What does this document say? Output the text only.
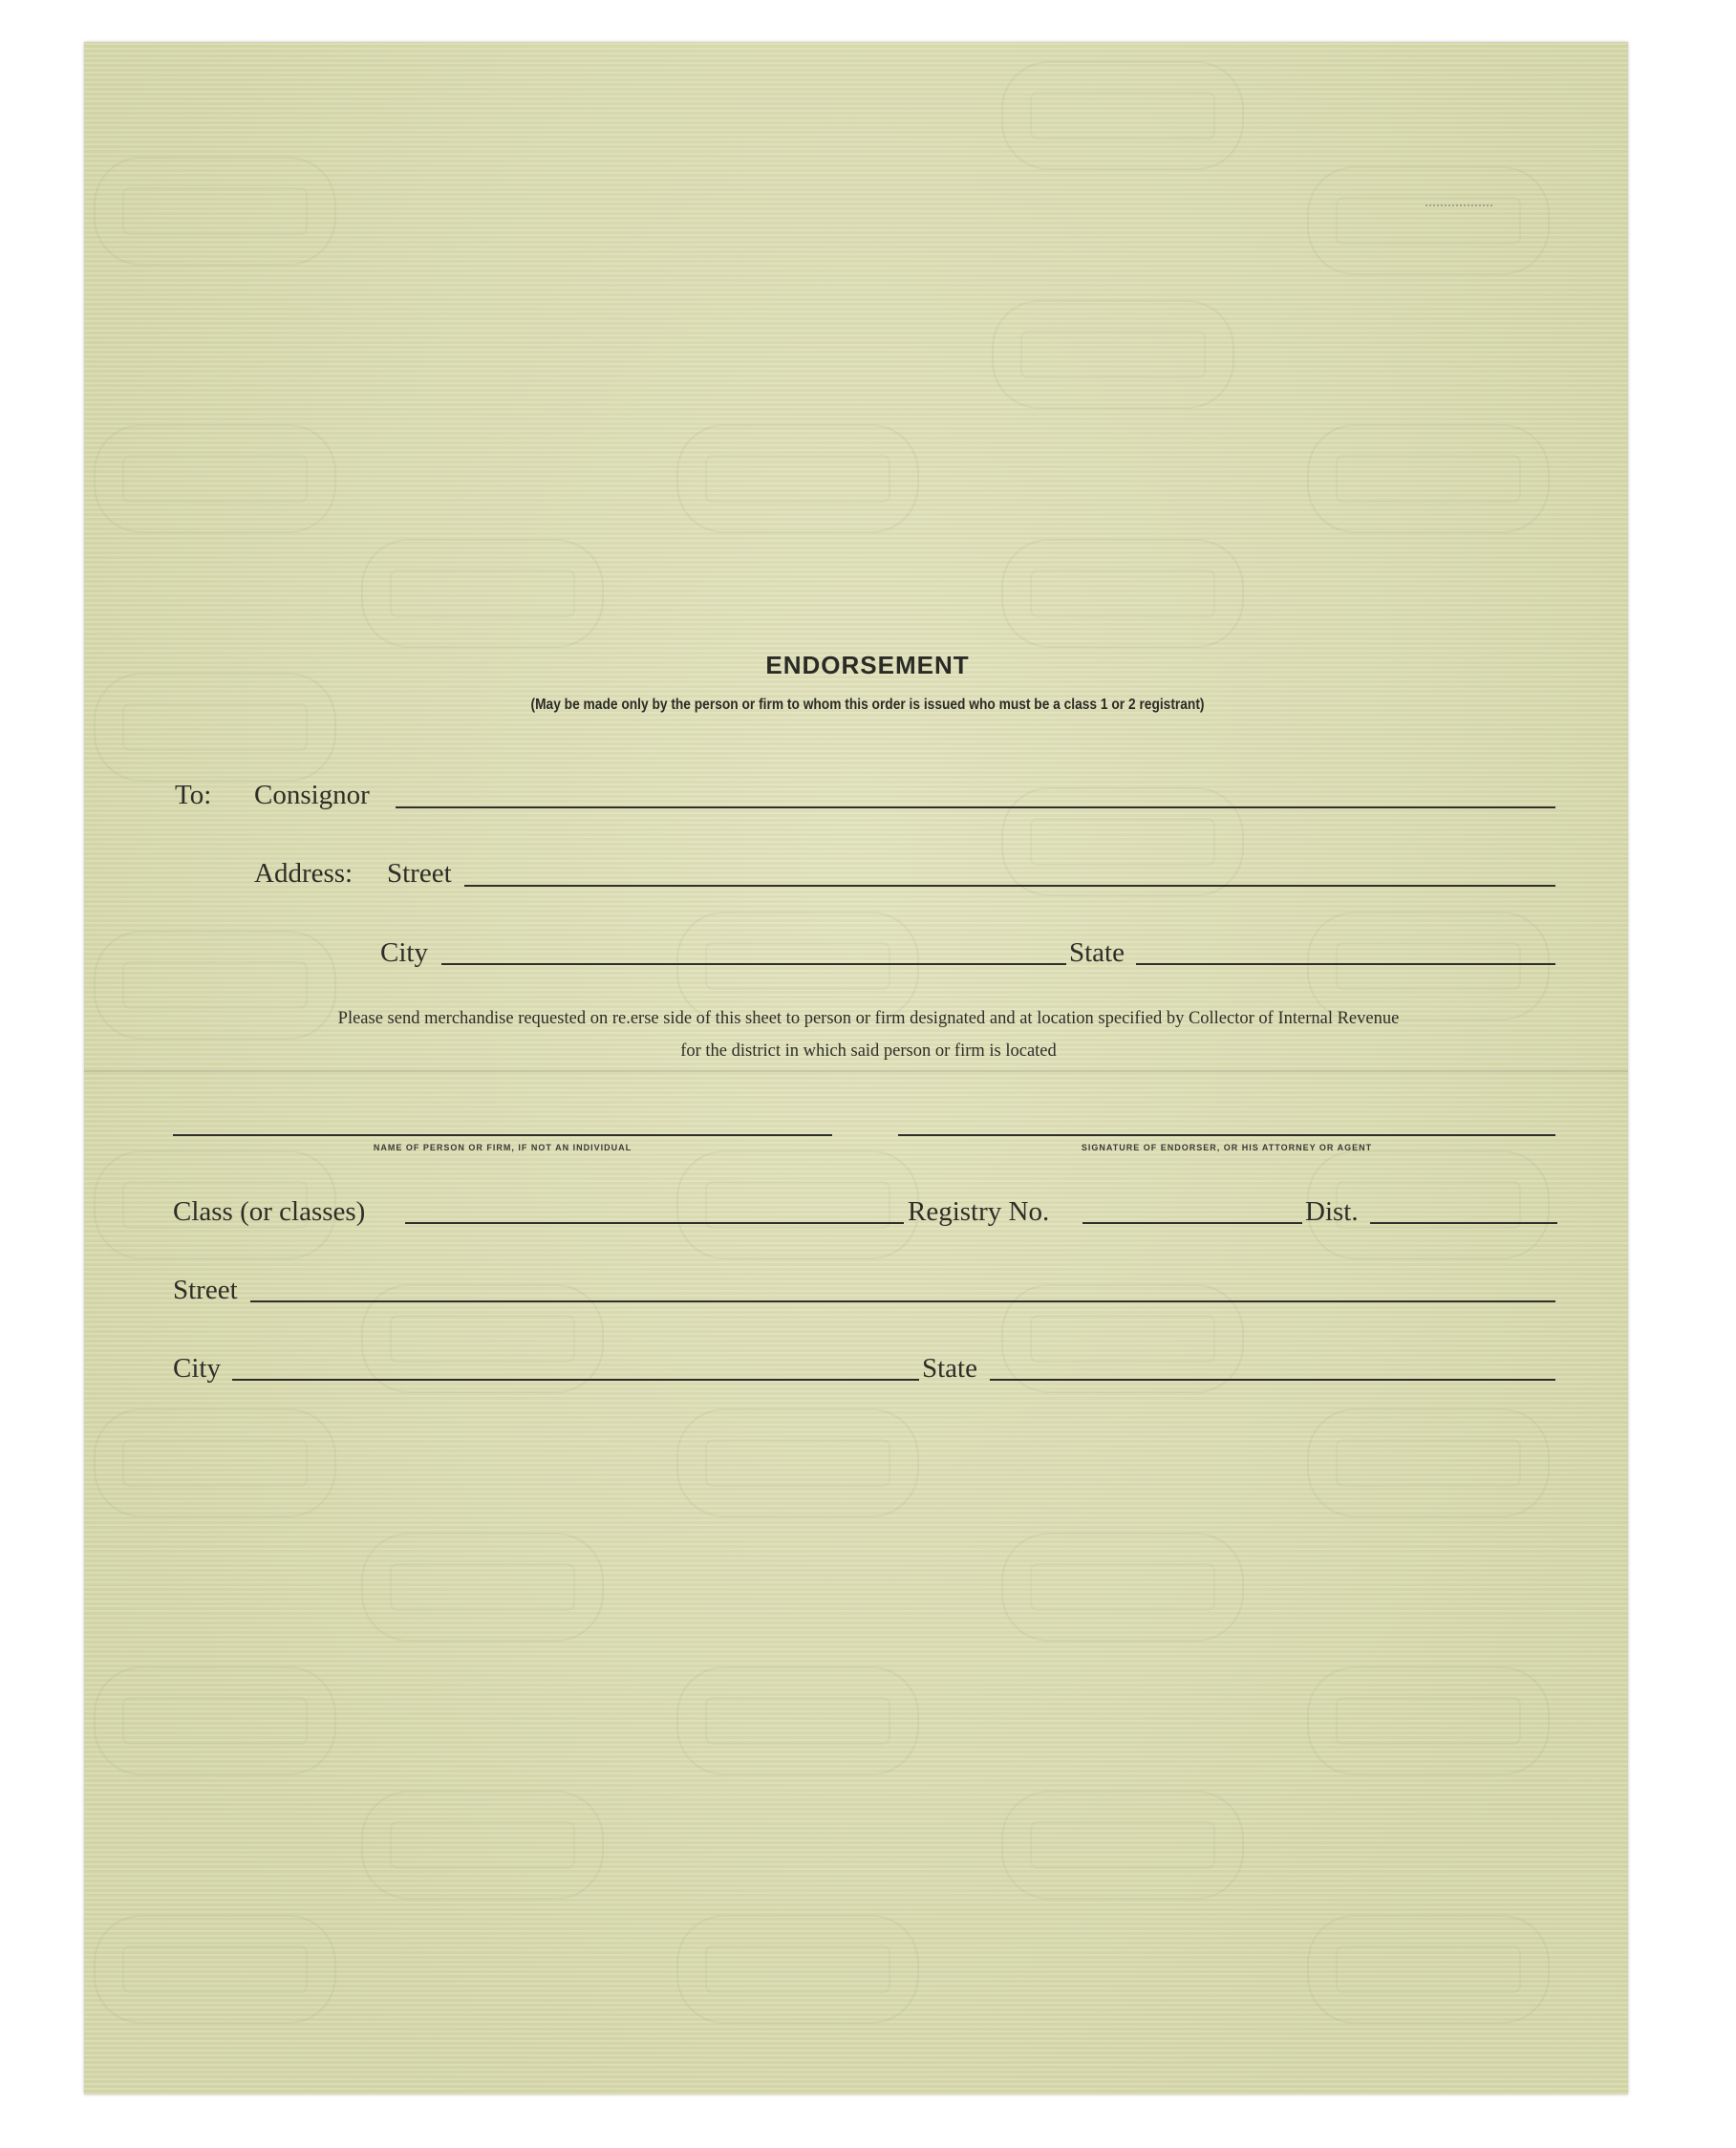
ENDORSEMENT
(May be made only by the person or firm to whom this order is issued who must be a class 1 or 2 registrant)
To: Consignor
Address: Street
City	State
Please send merchandise requested on re.erse side of this sheet to person or firm designated and at location specified by Collector of Internal Revenue
for the district in which said person or firm is located
NAME OF PERSON OR FIRM, IF NOT AN INDIVIDUAL	SIGNATURE OF ENDORSER, OR HIS ATTORNEY OR AGENT
Class (or classes)	Registry No.	Dist.
Street
City	State
